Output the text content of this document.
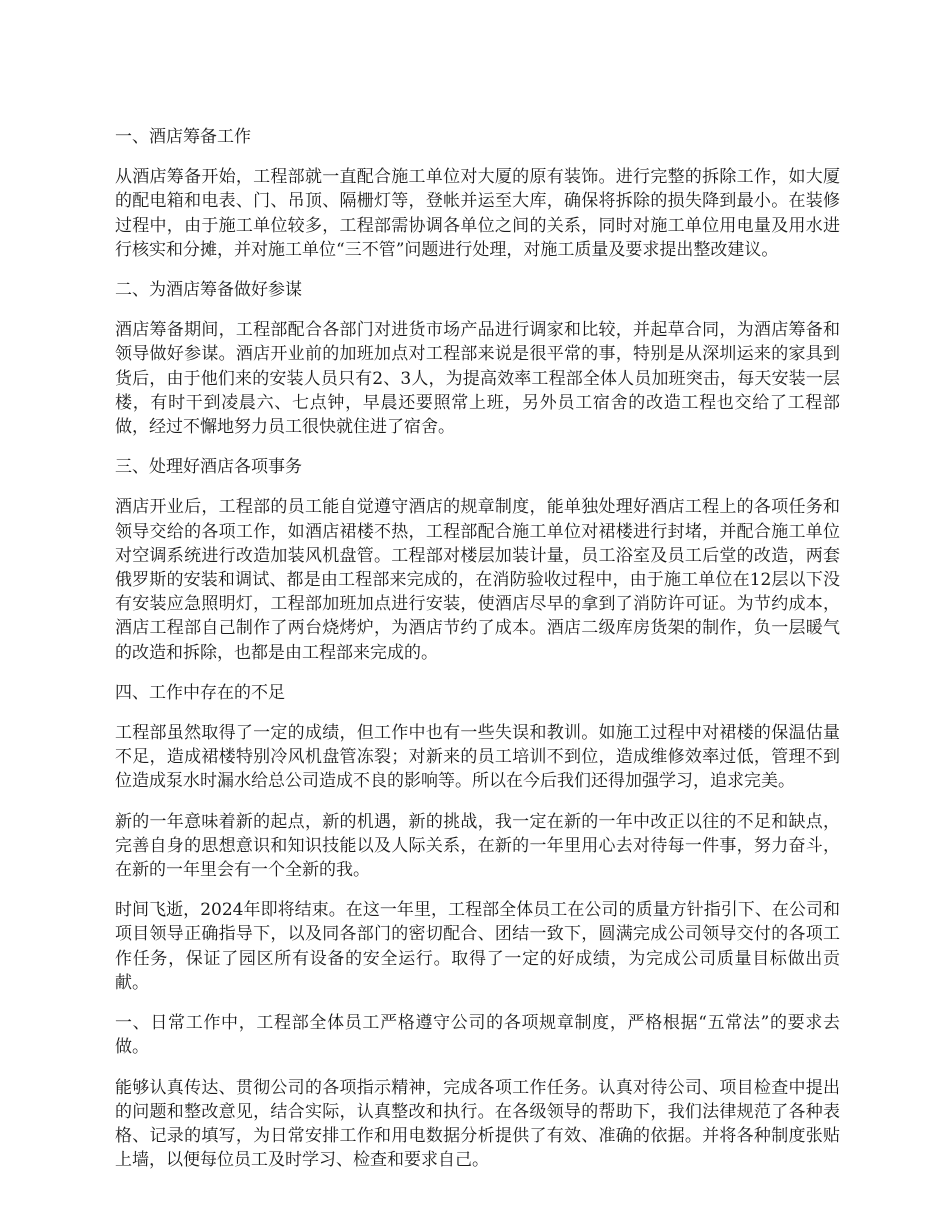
一、酒店筹备工作
从酒店筹备开始，工程部就一直配合施工单位对大厦的原有装饰。进行完整的拆除工作，如大厦的配电箱和电表、门、吊顶、隔栅灯等，登帐并运至大库，确保将拆除的损失降到最小。在装修过程中，由于施工单位较多，工程部需协调各单位之间的关系，同时对施工单位用电量及用水进行核实和分摊，并对施工单位“三不管”问题进行处理，对施工质量及要求提出整改建议。
二、为酒店筹备做好参谋
酒店筹备期间，工程部配合各部门对进货市场产品进行调家和比较，并起草合同，为酒店筹备和领导做好参谋。酒店开业前的加班加点对工程部来说是很平常的事，特别是从深圳运来的家具到货后，由于他们来的安装人员只有2、3人，为提高效率工程部全体人员加班突击，每天安装一层楼，有时干到凌晨六、七点钟，早晨还要照常上班，另外员工宿舍的改造工程也交给了工程部做，经过不懈地努力员工很快就住进了宿舍。
三、处理好酒店各项事务
酒店开业后，工程部的员工能自觉遵守酒店的规章制度，能单独处理好酒店工程上的各项任务和领导交给的各项工作，如酒店裙楼不热，工程部配合施工单位对裙楼进行封堵，并配合施工单位对空调系统进行改造加装风机盘管。工程部对楼层加装计量，员工浴室及员工后堂的改造，两套俄罗斯的安装和调试、都是由工程部来完成的，在消防验收过程中，由于施工单位在12层以下没有安装应急照明灯，工程部加班加点进行安装，使酒店尽早的拿到了消防许可证。为节约成本，酒店工程部自己制作了两台烧烤炉，为酒店节约了成本。酒店二级库房货架的制作，负一层暖气的改造和拆除，也都是由工程部来完成的。
四、工作中存在的不足
工程部虽然取得了一定的成绩，但工作中也有一些失误和教训。如施工过程中对裙楼的保温估量不足，造成裙楼特别冷风机盘管冻裂；对新来的员工培训不到位，造成维修效率过低，管理不到位造成泵水时漏水给总公司造成不良的影响等。所以在今后我们还得加强学习，追求完美。
新的一年意味着新的起点，新的机遇，新的挑战，我一定在新的一年中改正以往的不足和缺点，完善自身的思想意识和知识技能以及人际关系，在新的一年里用心去对待每一件事，努力奋斗，在新的一年里会有一个全新的我。
时间飞逝，2024年即将结束。在这一年里，工程部全体员工在公司的质量方针指引下、在公司和项目领导正确指导下，以及同各部门的密切配合、团结一致下，圆满完成公司领导交付的各项工作任务，保证了园区所有设备的安全运行。取得了一定的好成绩，为完成公司质量目标做出贡献。
一、日常工作中，工程部全体员工严格遵守公司的各项规章制度，严格根据“五常法”的要求去做。
能够认真传达、贯彻公司的各项指示精神，完成各项工作任务。认真对待公司、项目检查中提出的问题和整改意见，结合实际，认真整改和执行。在各级领导的帮助下，我们法律规范了各种表格、记录的填写，为日常安排工作和用电数据分析提供了有效、准确的依据。并将各种制度张贴上墙，以便每位员工及时学习、检查和要求自己。
